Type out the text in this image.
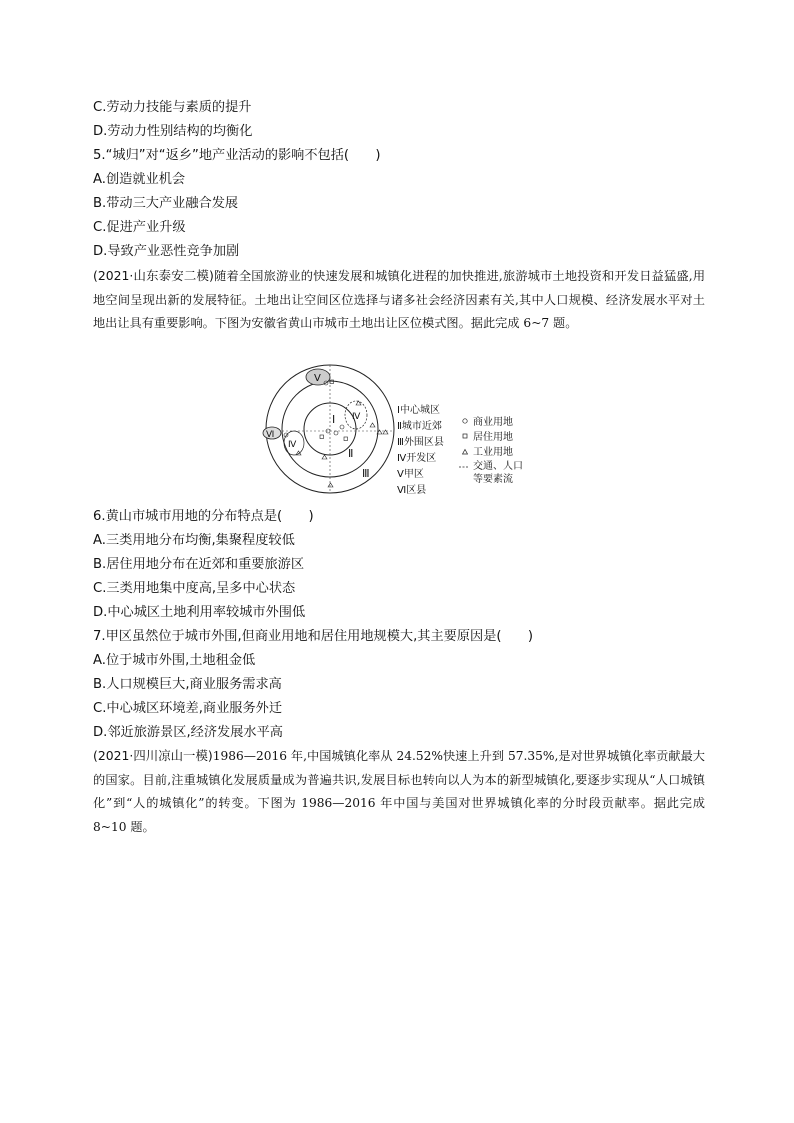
C.劳动力技能与素质的提升
D.劳动力性别结构的均衡化
5.“城归”对“返乡”地产业活动的影响不包括(　　)
A.创造就业机会
B.带动三大产业融合发展
C.促进产业升级
D.导致产业恶性竞争加剧
(2021·山东泰安二模)随着全国旅游业的快速发展和城镇化进程的加快推进,旅游城市土地投资和开发日益猛盛,用地空间呈现出新的发展特征。土地出让空间区位选择与诸多社会经济因素有关,其中人口规模、经济发展水平对土地出让具有重要影响。下图为安徽省黄山市城市土地出让区位模式图。据此完成 6~7 题。
Ⅴ
Ⅳ
Ⅳ
Ⅵ
Ⅰ
Ⅱ
Ⅲ
Ⅰ中心城区
Ⅱ城市近郊
Ⅲ外围区县
Ⅳ开发区
Ⅴ甲区
Ⅵ区县
商业用地
居住用地
工业用地
交通、人口
等要素流
6.黄山市城市用地的分布特点是(　　)
A.三类用地分布均衡,集聚程度较低
B.居住用地分布在近郊和重要旅游区
C.三类用地集中度高,呈多中心状态
D.中心城区土地利用率较城市外围低
7.甲区虽然位于城市外围,但商业用地和居住用地规模大,其主要原因是(　　)
A.位于城市外围,土地租金低
B.人口规模巨大,商业服务需求高
C.中心城区环境差,商业服务外迁
D.邻近旅游景区,经济发展水平高
(2021·四川凉山一模)1986—2016 年,中国城镇化率从 24.52%快速上升到 57.35%,是对世界城镇化率贡献最大的国家。目前,注重城镇化发展质量成为普遍共识,发展目标也转向以人为本的新型城镇化,要逐步实现从“人口城镇化”到“人的城镇化”的转变。下图为 1986—2016 年中国与美国对世界城镇化率的分时段贡献率。据此完成 8~10 题。
